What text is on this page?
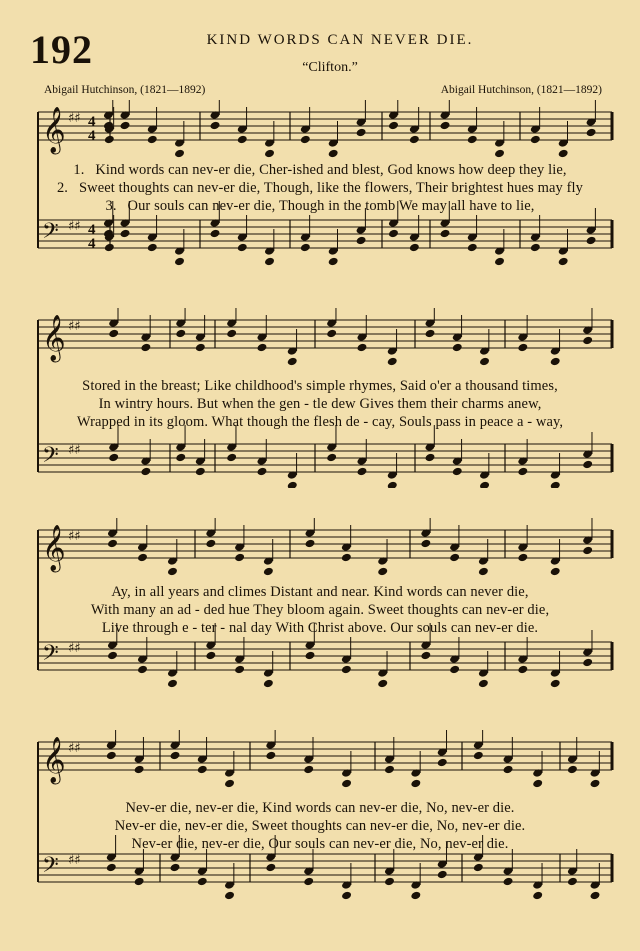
192	KIND WORDS CAN NEVER DIE.
“Clifton.”
Abigail Hutchinson, (1821—1892)	Abigail Hutchinson, (1821—1892)
𝄞 ♯♯ 4
4
𝄢 ♯♯ 4
4
1. Kind words can nev-er die, Cher-ished and blest, God knows how deep they lie,
2. Sweet thoughts can nev-er die, Though, like the flowers, Their brightest hues may fly
3. Our souls can nev-er die, Though in the tomb We may all have to lie,
𝄞 ♯♯
𝄢 ♯♯
Stored in the breast; Like childhood's simple rhymes, Said o'er a thousand times,
In wintry hours. But when the gen - tle dew Gives them their charms anew,
Wrapped in its gloom. What though the flesh de - cay, Souls pass in peace a - way,
𝄞 ♯♯
𝄢 ♯♯
Ay, in all years and climes Distant and near. Kind words can never die,
With many an ad - ded hue They bloom again. Sweet thoughts can nev-er die,
Live through e - ter - nal day With Christ above. Our souls can nev-er die.
𝄞 ♯♯
𝄢 ♯♯
Nev-er die, nev-er die, Kind words can nev-er die, No, nev-er die.
Nev-er die, nev-er die, Sweet thoughts can nev-er die, No, nev-er die.
Nev-er die, nev-er die, Our souls can nev-er die, No, nev-er die.
